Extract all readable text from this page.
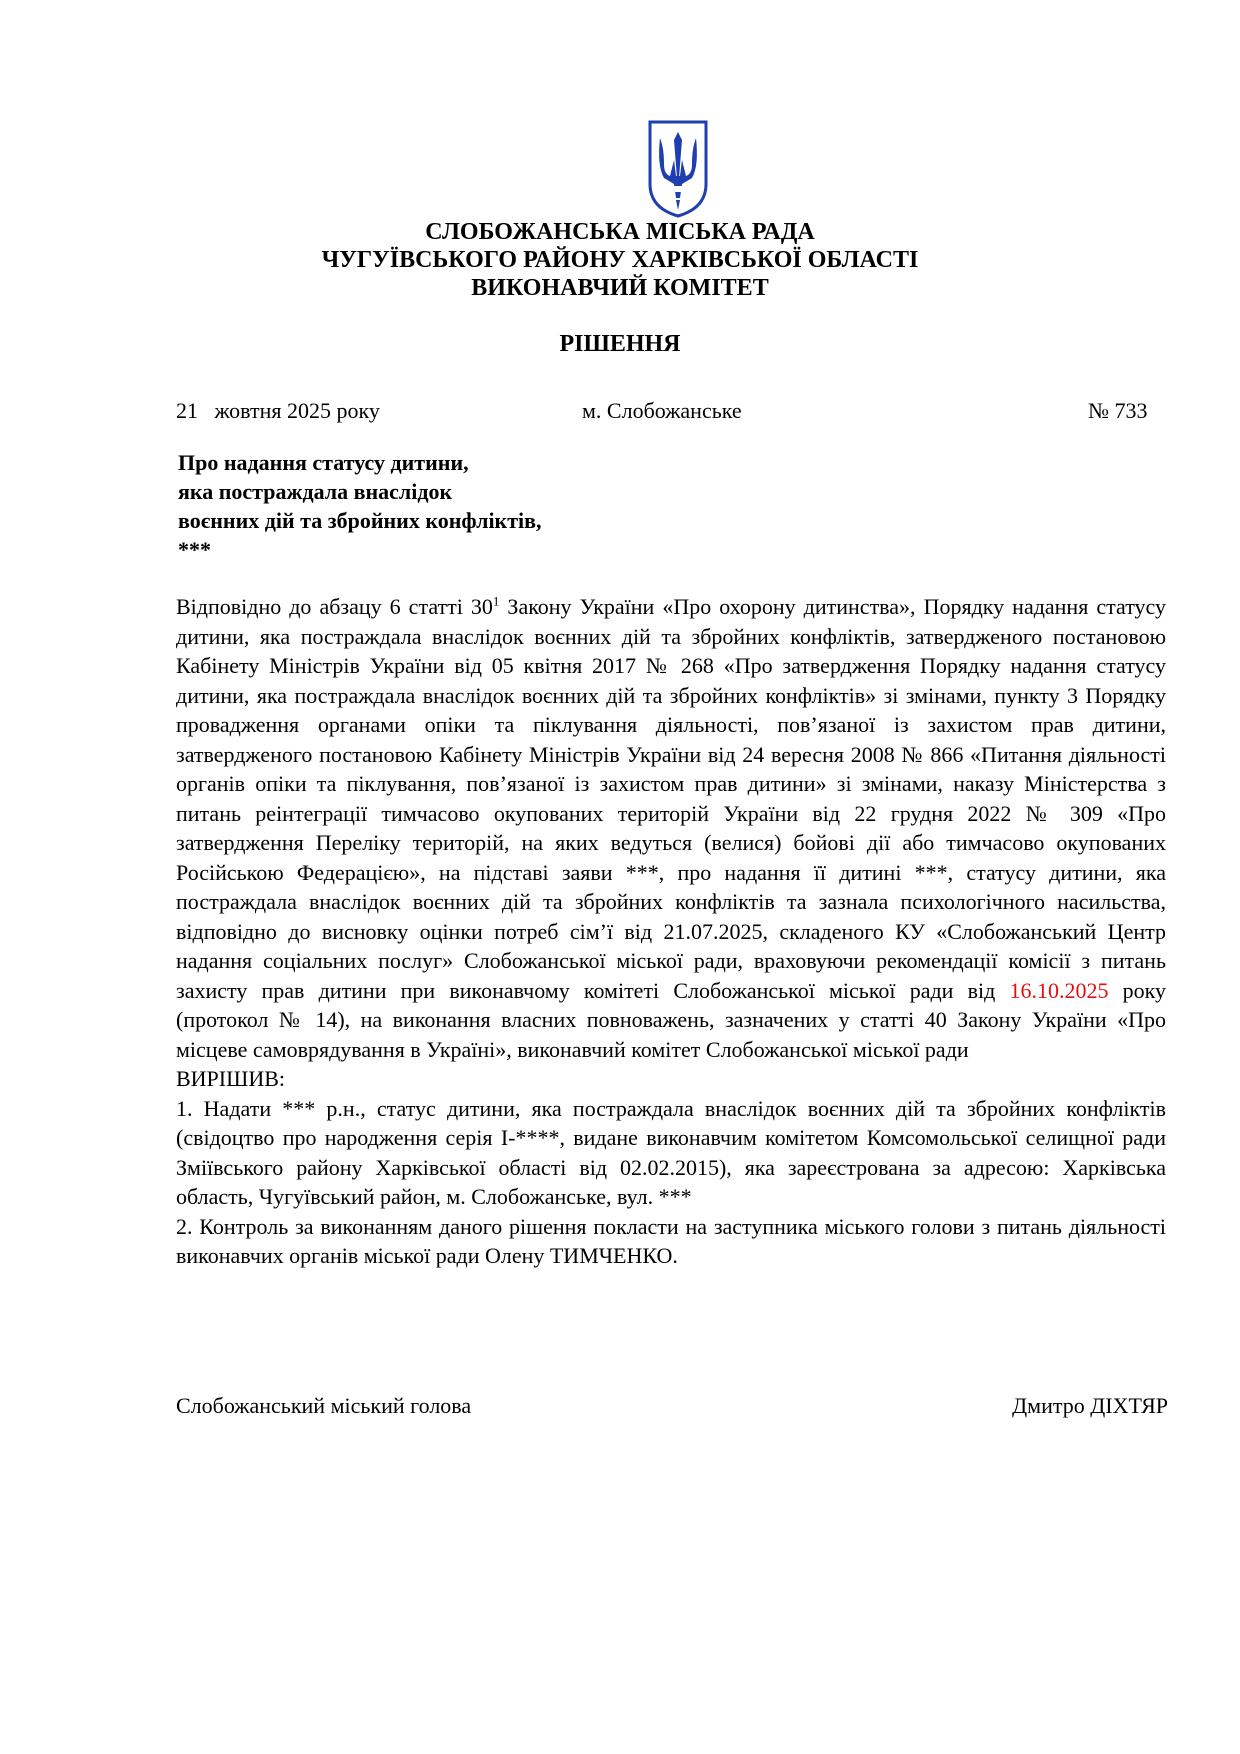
СЛОБОЖАНСЬКА МІСЬКА РАДА
ЧУГУЇВСЬКОГО РАЙОНУ ХАРКІВСЬКОЇ ОБЛАСТІ
ВИКОНАВЧИЙ КОМІТЕТ
РІШЕННЯ
21   жовтня 2025 року	м. Слобожанське	№ 733
Про надання статусу дитини,
яка постраждала внаслідок
воєнних дій та збройних конфліктів,
***

Відповідно до абзацу 6 статті $30^1$ Закону України «Про охорону дитинства», Порядку надання статусу дитини, яка постраждала внаслідок воєнних дій та збройних конфліктів, затвердженого постановою Кабінету Міністрів України від 05 квітня 2017 № 268 «Про затвердження Порядку надання статусу дитини, яка постраждала внаслідок воєнних дій та збройних конфліктів» зі змінами, пункту 3 Порядку провадження органами опіки та піклування діяльності, пов’язаної із захистом прав дитини, затвердженого постановою Кабінету Міністрів України від 24 вересня 2008 № 866 «Питання діяльності органів опіки та піклування, пов’язаної із захистом прав дитини» зі змінами, наказу Міністерства з питань реінтеграції тимчасово окупованих територій України від 22 грудня 2022 № 309 «Про затвердження Переліку територій, на яких ведуться (велися) бойові дії або тимчасово окупованих Російською Федерацією», на підставі заяви ***, про надання її дитині ***, статусу дитини, яка постраждала внаслідок воєнних дій та збройних конфліктів та зазнала психологічного насильства, відповідно до висновку оцінки потреб сім’ї від 21.07.2025, складеного КУ «Слобожанський Центр надання соціальних послуг» Слобожанської міської ради, враховуючи рекомендації комісії з питань захисту прав дитини при виконавчому комітеті Слобожанської міської ради від 16.10.2025 року (протокол № 14), на виконання власних повноважень, зазначених у статті 40 Закону України «Про місцеве самоврядування в Україні», виконавчий комітет Слобожанської міської ради

ВИРІШИВ:

1. Надати *** р.н., статус дитини, яка постраждала внаслідок воєнних дій та збройних конфліктів (свідоцтво про народження серія І-****, видане виконавчим комітетом Комсомольської селищної ради Зміївського району Харківської області від 02.02.2015), яка зареєстрована за адресою: Харківська область, Чугуївський район, м. Слобожанське, вул. ***

2. Контроль за виконанням даного рішення покласти на заступника міського голови з питань діяльності виконавчих органів міської ради Олену ТИМЧЕНКО.

Слобожанський міський голова	Дмитро ДІХТЯР
